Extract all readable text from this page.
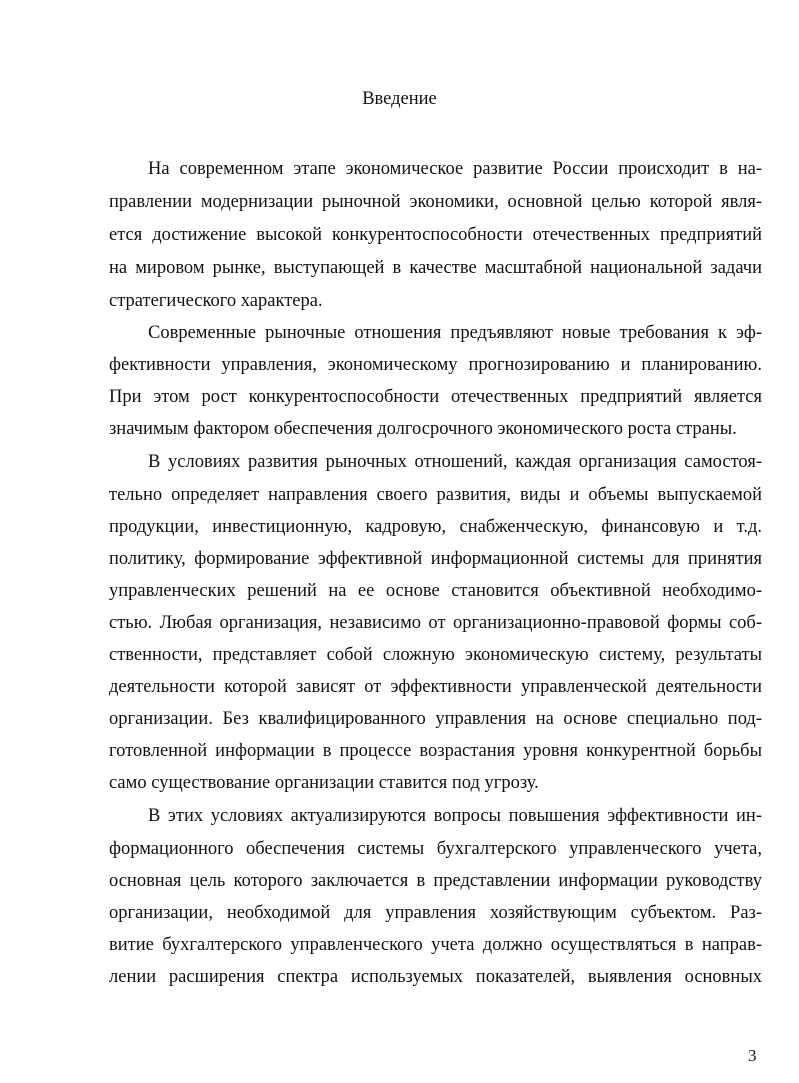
Введение
На современном этапе экономическое развитие России происходит в на-
правлении модернизации рыночной экономики, основной целью которой явля-
ется достижение высокой конкурентоспособности отечественных предприятий
на мировом рынке, выступающей в качестве масштабной национальной задачи
стратегического характера.
Современные рыночные отношения предъявляют новые требования к эф-
фективности управления, экономическому прогнозированию и планированию.
При этом рост конкурентоспособности отечественных предприятий является
значимым фактором обеспечения долгосрочного экономического роста страны.
В условиях развития рыночных отношений, каждая организация самостоя-
тельно определяет направления своего развития, виды и объемы выпускаемой
продукции, инвестиционную, кадровую, снабженческую, финансовую и т.д.
политику, формирование эффективной информационной системы для принятия
управленческих решений на ее основе становится объективной необходимо-
стью. Любая организация, независимо от организационно-правовой формы соб-
ственности, представляет собой сложную экономическую систему, результаты
деятельности которой зависят от эффективности управленческой деятельности
организации. Без квалифицированного управления на основе специально под-
готовленной информации в процессе возрастания уровня конкурентной борьбы
само существование организации ставится под угрозу.
В этих условиях актуализируются вопросы повышения эффективности ин-
формационного обеспечения системы бухгалтерского управленческого учета,
основная цель которого заключается в представлении информации руководству
организации, необходимой для управления хозяйствующим субъектом. Раз-
витие бухгалтерского управленческого учета должно осуществляться в направ-
лении расширения спектра используемых показателей, выявления основных
3
